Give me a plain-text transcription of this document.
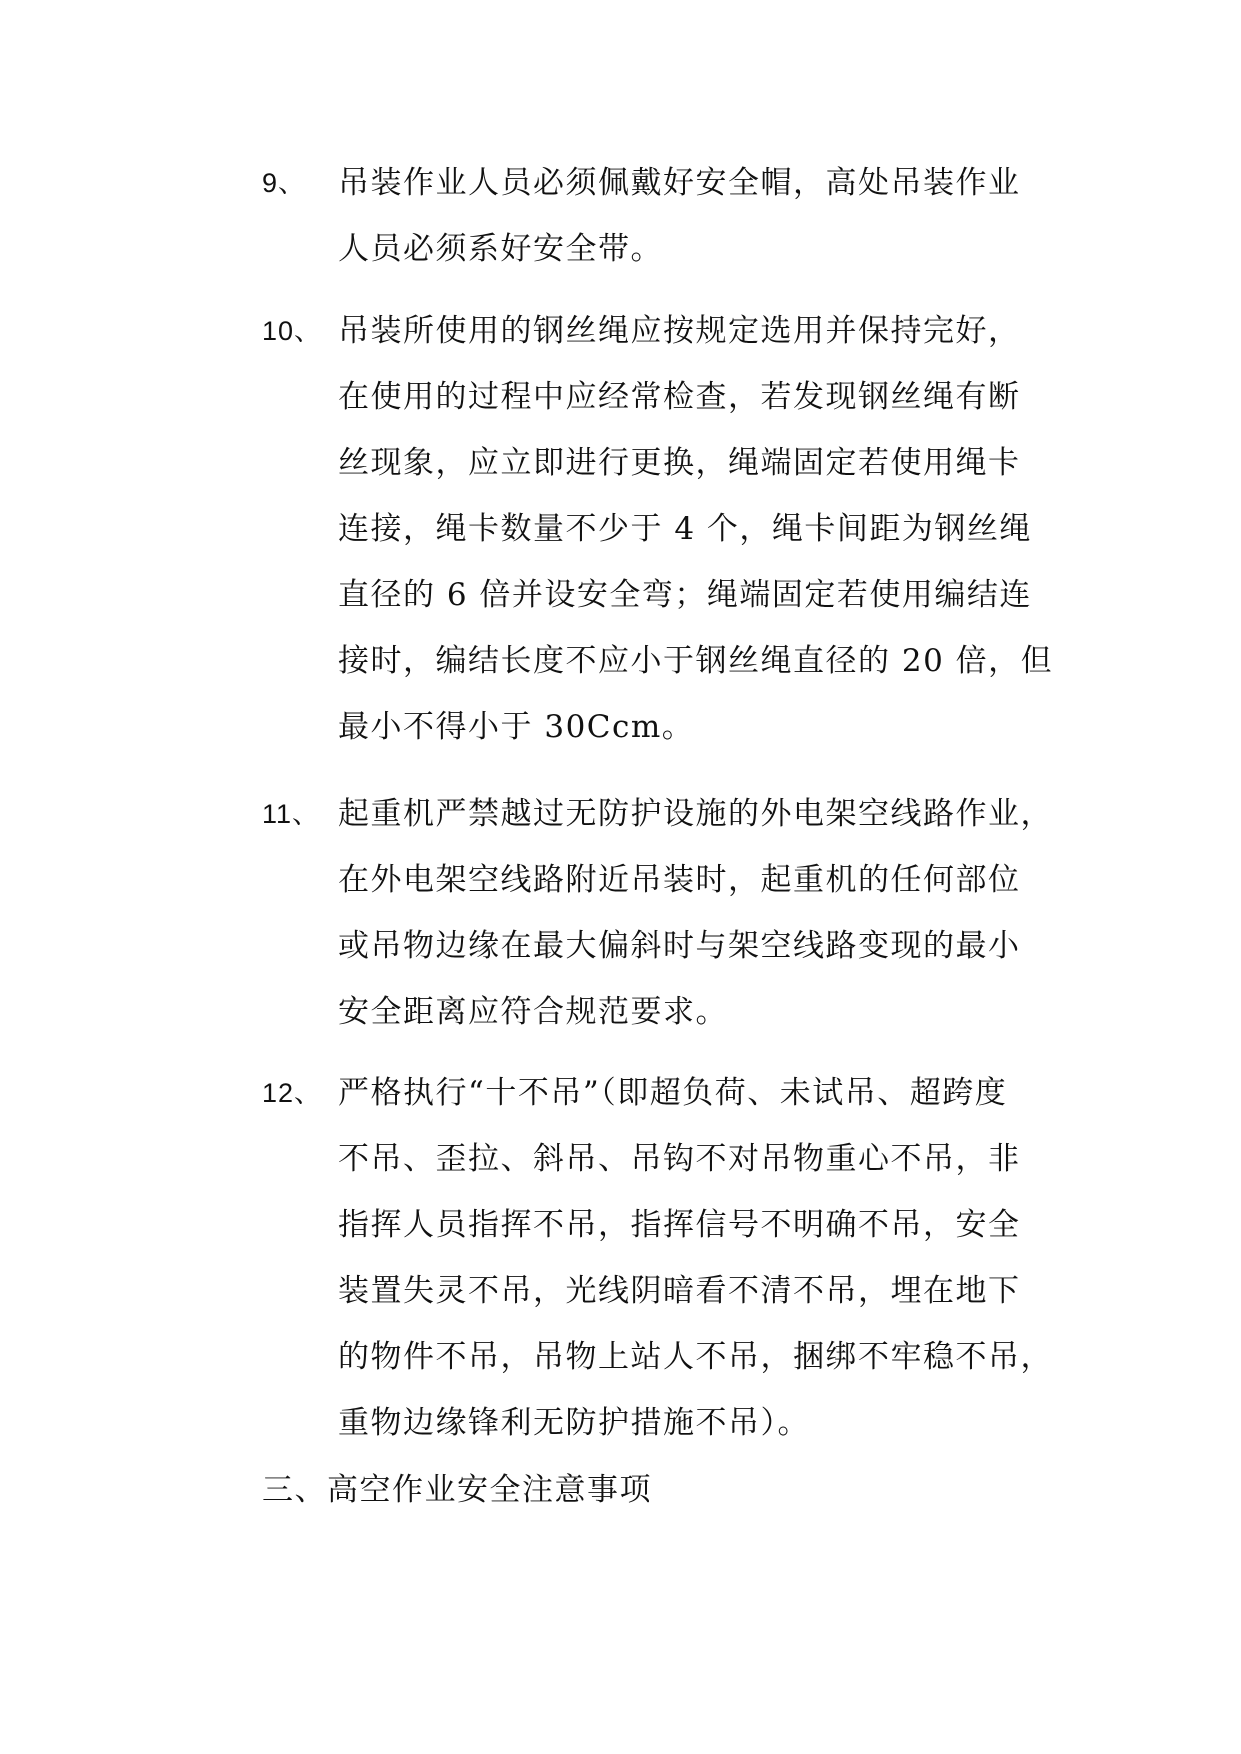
9、 吊装作业人员必须佩戴好安全帽，高处吊装作业
人员必须系好安全带。
10、 吊装所使用的钢丝绳应按规定选用并保持完好，
在使用的过程中应经常检查，若发现钢丝绳有断
丝现象，应立即进行更换，绳端固定若使用绳卡
连接，绳卡数量不少于 4 个，绳卡间距为钢丝绳
直径的 6 倍并设安全弯；绳端固定若使用编结连
接时，编结长度不应小于钢丝绳直径的 20 倍，但
最小不得小于 30Ccm。
11、 起重机严禁越过无防护设施的外电架空线路作业，
在外电架空线路附近吊装时，起重机的任何部位
或吊物边缘在最大偏斜时与架空线路变现的最小
安全距离应符合规范要求。
12、 严格执行“十不吊”（即超负荷、未试吊、超跨度
不吊、歪拉、斜吊、吊钩不对吊物重心不吊，非
指挥人员指挥不吊，指挥信号不明确不吊，安全
装置失灵不吊，光线阴暗看不清不吊，埋在地下
的物件不吊，吊物上站人不吊，捆绑不牢稳不吊，
重物边缘锋利无防护措施不吊）。
三、高空作业安全注意事项
